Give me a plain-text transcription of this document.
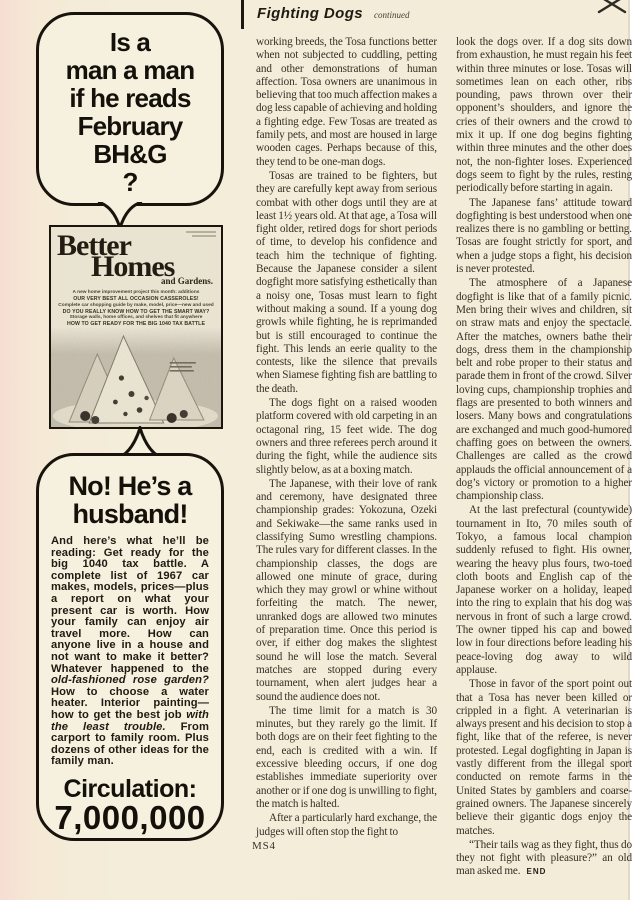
Fighting Dogs continued
Is a
man a man
if he reads
February
BH&G
?
Better
Homes
and Gardens.
A new home improvement project this month: additions
OUR VERY BEST ALL OCCASION CASSEROLES!
Complete car shopping guide by make, model, price—new and used
DO YOU REALLY KNOW HOW TO GET THE SMART WAY?
Storage walls, home offices, and shelves that fit anywhere
HOW TO GET READY FOR THE BIG 1040 TAX BATTLE
No! He’s a
husband!
And here’s what he’ll be reading: Get ready for the big 1040 tax battle. A complete list of 1967 car makes, models, prices—plus a report on what your present car is worth. How your family can enjoy air travel more. How can anyone live in a house and not want to make it better? Whatever happened to the old-fashioned rose garden? How to choose a water heater. Interior painting—how to get the best job with the least trouble. From carport to family room. Plus dozens of other ideas for the family man.
Circulation:
7,000,000

working breeds, the Tosa functions better when not subjected to cuddling, petting and other demonstrations of human affection. Tosa owners are unanimous in believing that too much affection makes a dog less capable of achieving and holding a fighting edge. Few Tosas are treated as family pets, and most are housed in large wooden cages. Perhaps because of this, they tend to be one-man dogs.

Tosas are trained to be fighters, but they are carefully kept away from serious combat with other dogs until they are at least 1½ years old. At that age, a Tosa will fight older, retired dogs for short periods of time, to develop his confidence and teach him the technique of fighting. Because the Japanese consider a silent dogfight more satisfying esthetically than a noisy one, Tosas must learn to fight without making a sound. If a young dog growls while fighting, he is reprimanded but is still encouraged to continue the fight. This lends an eerie quality to the contests, like the silence that prevails when Siamese fighting fish are battling to the death.

The dogs fight on a raised wooden platform covered with old carpeting in an octagonal ring, 15 feet wide. The dog owners and three referees perch around it during the fight, while the audience sits slightly below, as at a boxing match.

The Japanese, with their love of rank and ceremony, have designated three championship grades: Yokozuna, Ozeki and Sekiwake—the same ranks used in classifying Sumo wrestling champions. The rules vary for different classes. In the championship classes, the dogs are allowed one minute of grace, during which they may growl or whine without forfeiting the match. The newer, unranked dogs are allowed two minutes of preparation time. Once this period is over, if either dog makes the slightest sound he will lose the match. Several matches are stopped during every tournament, when alert judges hear a sound the audience does not.

The time limit for a match is 30 minutes, but they rarely go the limit. If both dogs are on their feet fighting to the end, each is credited with a win. If excessive bleeding occurs, if one dog establishes immediate superiority over another or if one dog is unwilling to fight, the match is halted.

After a particularly hard exchange, the judges will often stop the fight to

look the dogs over. If a dog sits down from exhaustion, he must regain his feet within three minutes or lose. Tosas will sometimes lean on each other, ribs pounding, paws thrown over their opponent’s shoulders, and ignore the cries of their owners and the crowd to mix it up. If one dog begins fighting within three minutes and the other does not, the non-fighter loses. Experienced dogs seem to fight by the rules, resting periodically before starting in again.

The Japanese fans’ attitude toward dogfighting is best understood when one realizes there is no gambling or betting. Tosas are fought strictly for sport, and when a judge stops a fight, his decision is never protested.

The atmosphere of a Japanese dogfight is like that of a family picnic. Men bring their wives and children, sit on straw mats and enjoy the spectacle. After the matches, owners bathe their dogs, dress them in the championship belt and robe proper to their status and parade them in front of the crowd. Silver loving cups, championship trophies and flags are presented to both winners and losers. Many bows and congratulations are exchanged and much good-humored chaffing goes on between the owners. Challenges are called as the crowd applauds the official announcement of a dog’s victory or promotion to a higher championship class.

At the last prefectural (countywide) tournament in Ito, 70 miles south of Tokyo, a famous local champion suddenly refused to fight. His owner, wearing the heavy plus fours, two-toed cloth boots and English cap of the Japanese worker on a holiday, leaped into the ring to explain that his dog was nervous in front of such a large crowd. The owner tipped his cap and bowed low in four directions before leading his peace-loving dog away to wild applause.

Those in favor of the sport point out that a Tosa has never been killed or crippled in a fight. A veterinarian is always present and his decision to stop a fight, like that of the referee, is never protested. Legal dogfighting in Japan is vastly different from the illegal sport conducted on remote farms in the United States by gamblers and coarse-grained owners. The Japanese sincerely believe their gigantic dogs enjoy the matches.

“Their tails wag as they fight, thus do they not fight with pleasure?” an old man asked me. END

MS4
